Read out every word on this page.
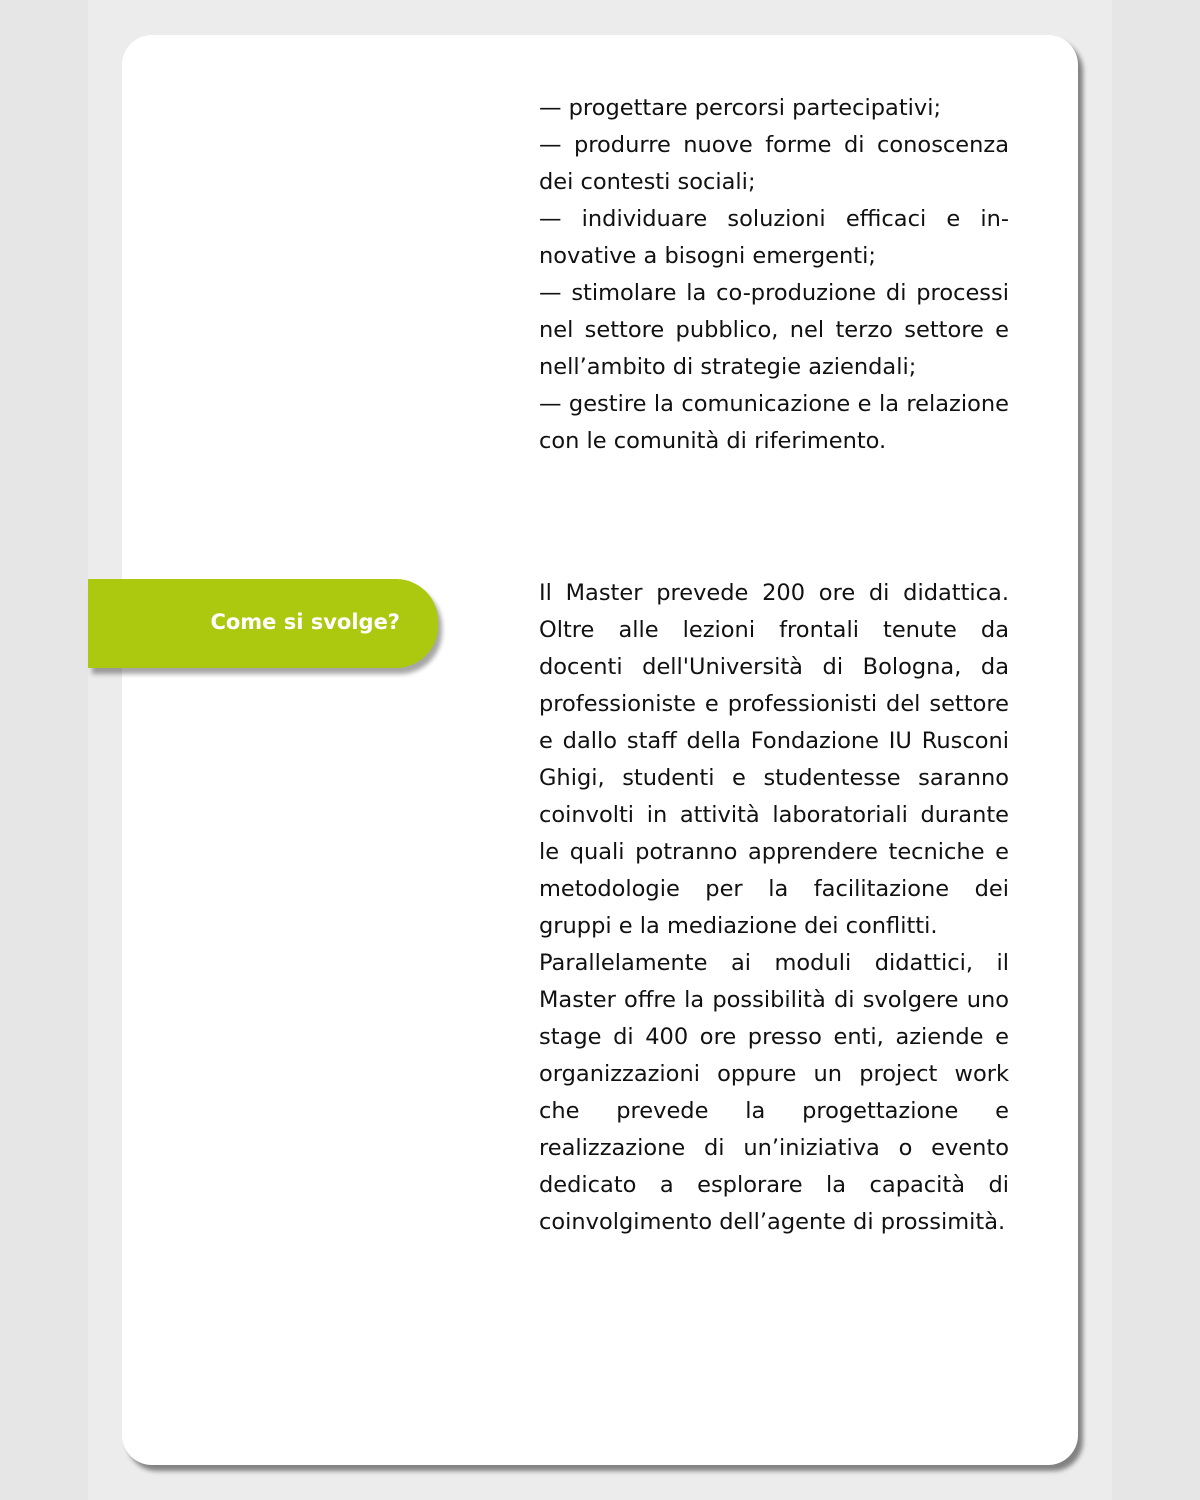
— progettare percorsi partecipativi;

— produrre nuove forme di conoscenza dei contesti sociali;

— individuare soluzioni efficaci e innovative a bisogni emergenti;

— stimolare la co-produzione di processi nel settore pubblico, nel terzo settore e nell’ambito di strategie aziendali;

— gestire la comunicazione e la relazione con le comunità di riferimento.

Come si svolge?

Il Master prevede 200 ore di didattica. Oltre alle lezioni frontali tenute da docenti dell'Università di Bologna, da professioniste e professionisti del settore e dallo staff della Fondazione IU Rusconi Ghigi, studenti e studentesse saranno coinvolti in attività laboratoriali durante le quali potranno apprendere tecniche e metodologie per la facilitazione dei gruppi e la mediazione dei conflitti.

Parallelamente ai moduli didattici, il Master offre la possibilità di svolgere uno stage di 400 ore presso enti, aziende e organizzazioni oppure un project work che prevede la progettazione e realizzazione di un’iniziativa o evento dedicato a esplorare la capacità di coinvolgimento dell’agente di prossimità.
